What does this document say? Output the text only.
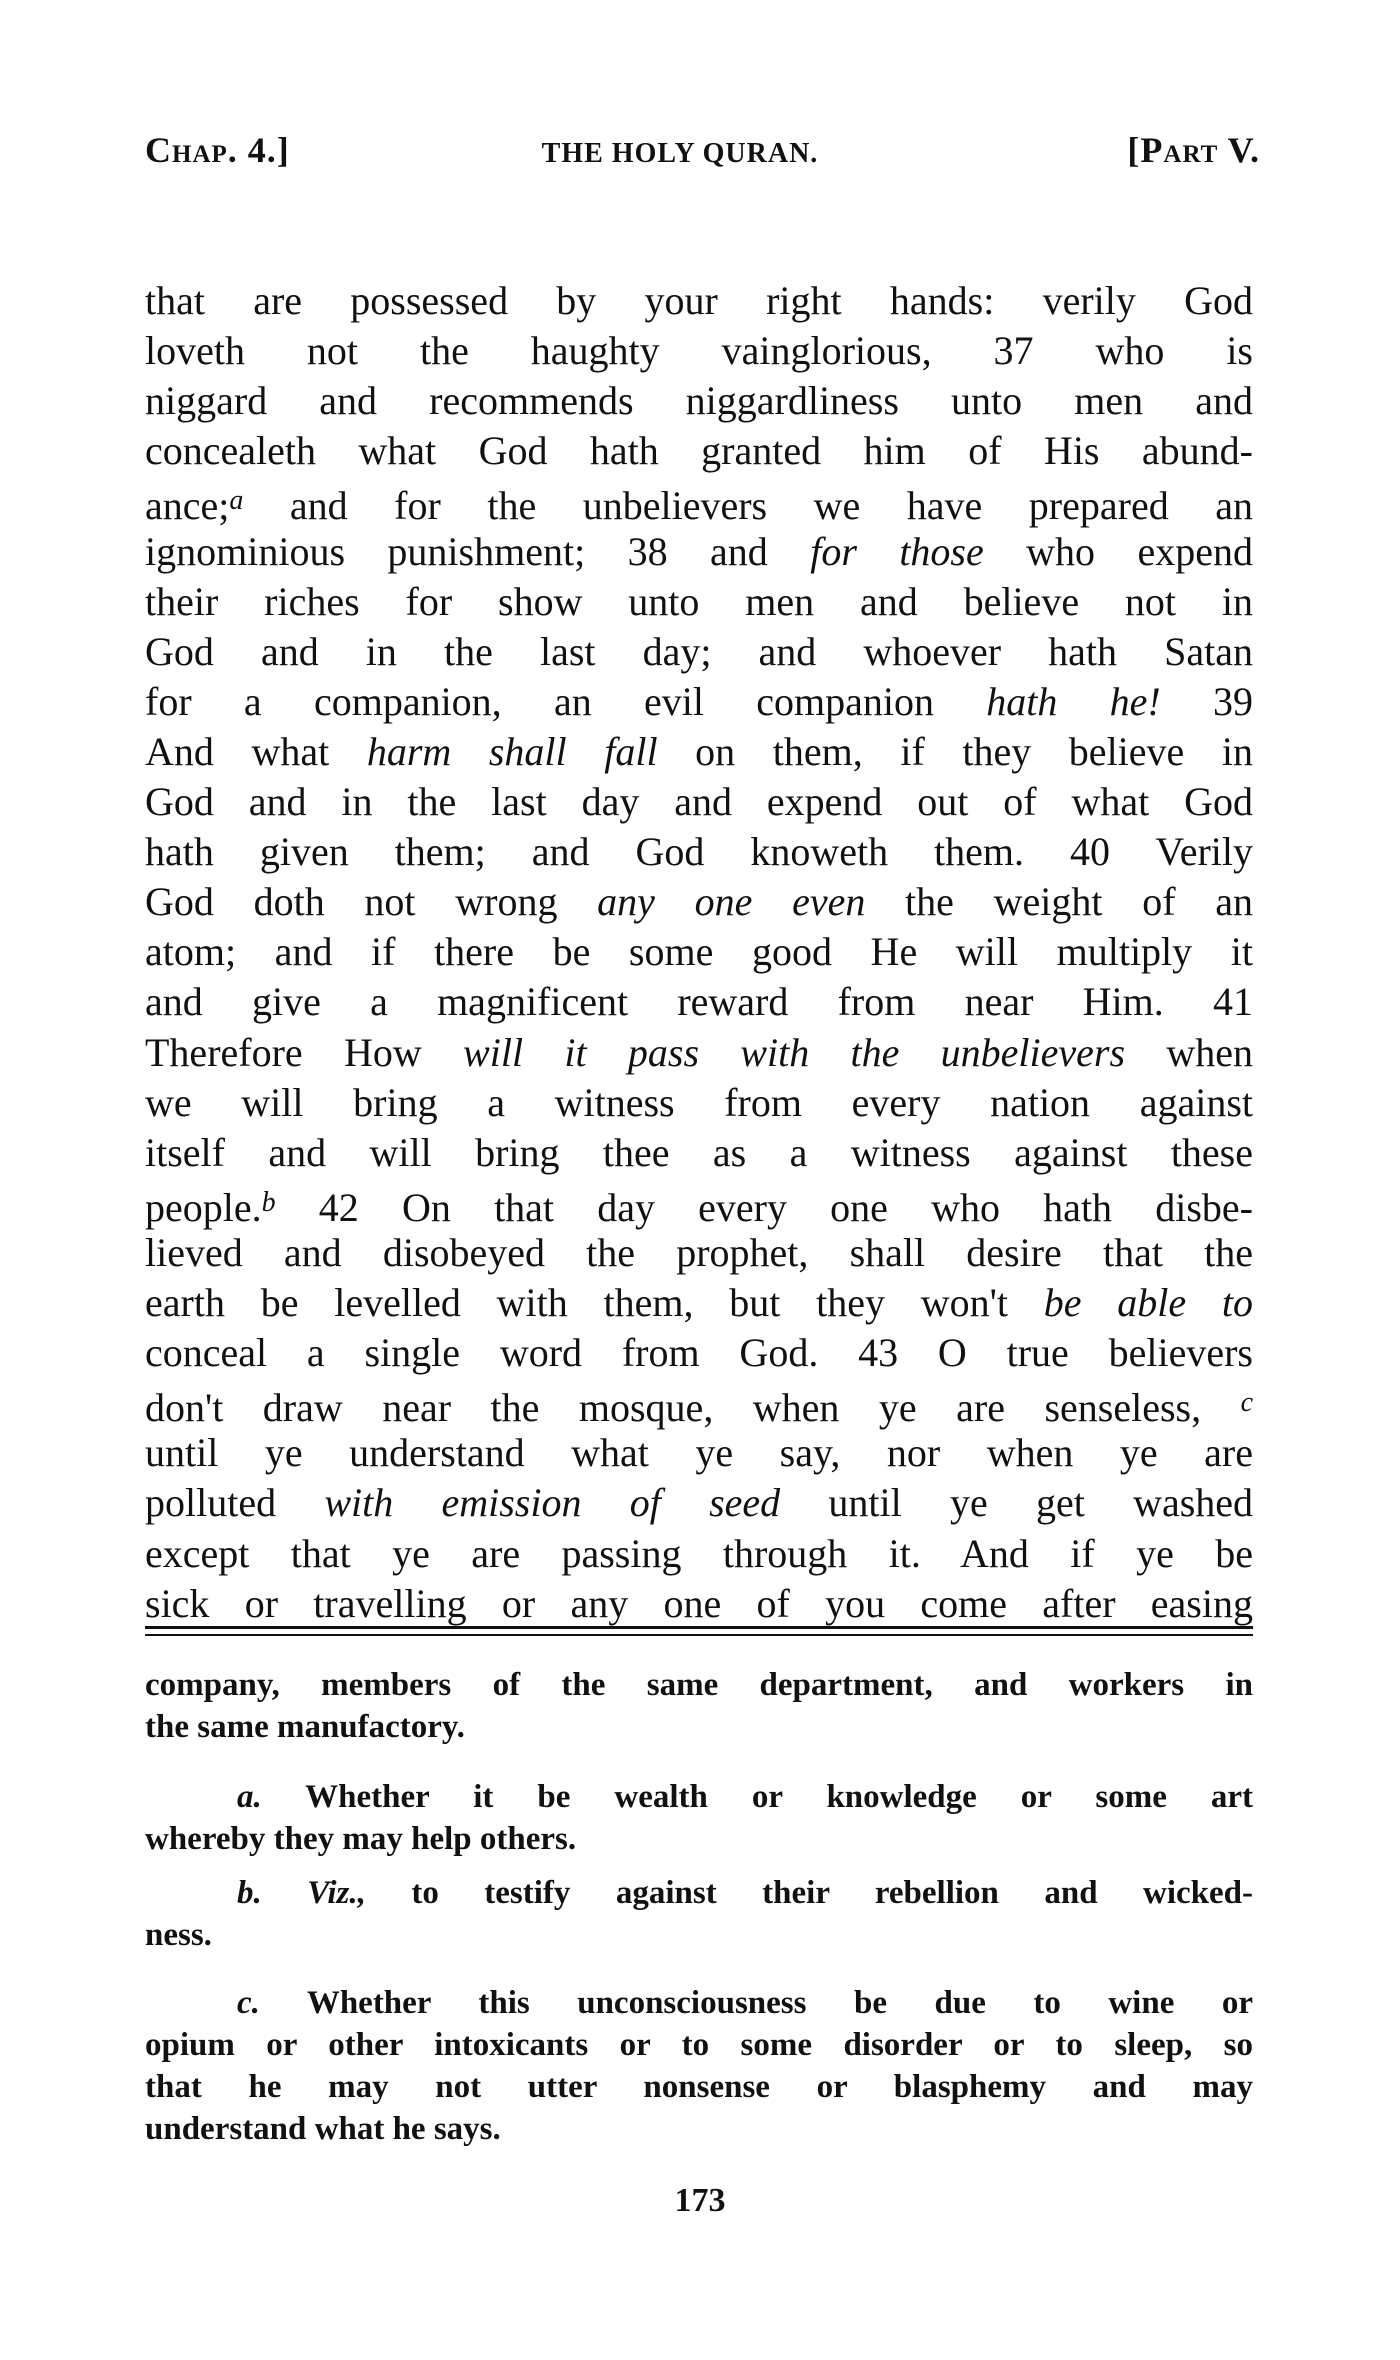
Chap. 4.]	THE HOLY QURAN.	[Part V.
that are possessed by your right hands: verily God
loveth not the haughty vainglorious, 37 who is
niggard and recommends niggardliness unto men and
concealeth what God hath granted him of His abund-
ance;$^a$ and for the unbelievers we have prepared an
ignominious punishment; 38 and for those who expend
their riches for show unto men and believe not in
God and in the last day; and whoever hath Satan
for a companion, an evil companion hath he! 39
And what harm shall fall on them, if they believe in
God and in the last day and expend out of what God
hath given them; and God knoweth them. 40 Verily
God doth not wrong any one even the weight of an
atom; and if there be some good He will multiply it
and give a magnificent reward from near Him. 41
Therefore How will it pass with the unbelievers when
we will bring a witness from every nation against
itself and will bring thee as a witness against these
people.$^b$ 42 On that day every one who hath disbe-
lieved and disobeyed the prophet, shall desire that the
earth be levelled with them, but they won't be able to
conceal a single word from God. 43 O true believers
don't draw near the mosque, when ye are senseless, $^c$
until ye understand what ye say, nor when ye are
polluted with emission of seed until ye get washed
except that ye are passing through it. And if ye be
sick or travelling or any one of you come after easing
company, members of the same department, and workers in
the same manufactory.
a. Whether it be wealth or knowledge or some art
whereby they may help others.
b. Viz., to testify against their rebellion and wicked-
ness.
c. Whether this unconsciousness be due to wine or
opium or other intoxicants or to some disorder or to sleep, so
that he may not utter nonsense or blasphemy and may
understand what he says.
173
